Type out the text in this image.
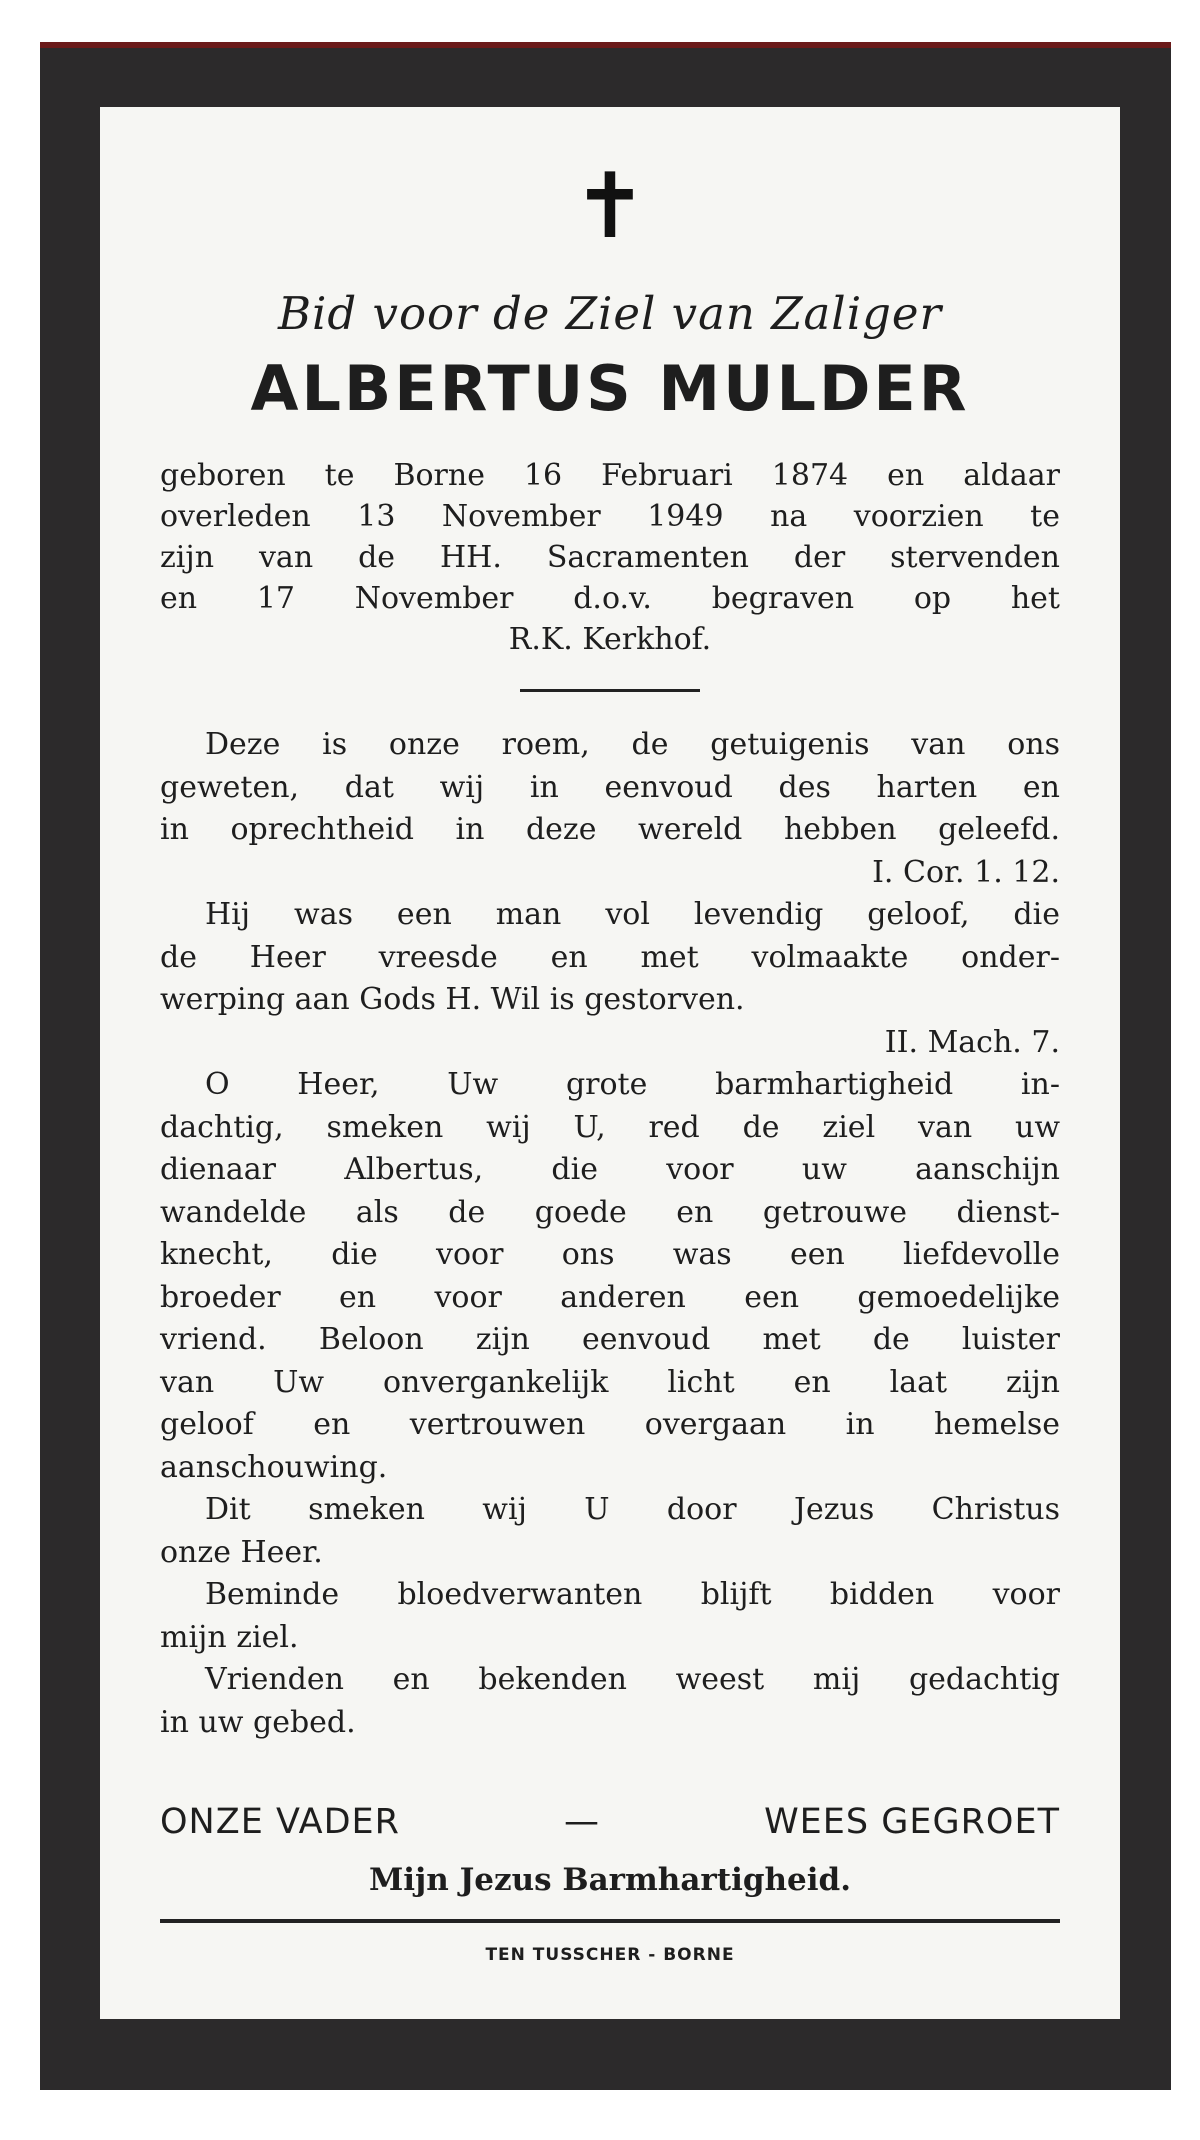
✝
Bid voor de Ziel van Zaliger
ALBERTUS MULDER
geboren te Borne 16 Februari 1874 en aldaar
overleden 13 November 1949 na voorzien te
zijn van de HH. Sacramenten der stervenden
en 17 November d.o.v. begraven op het
R.K. Kerkhof.
Deze is onze roem, de getuigenis van ons
geweten, dat wij in eenvoud des harten en
in oprechtheid in deze wereld hebben geleefd.
I. Cor. 1. 12.
Hij was een man vol levendig geloof, die
de Heer vreesde en met volmaakte onder-
werping aan Gods H. Wil is gestorven.
II. Mach. 7.
O Heer, Uw grote barmhartigheid in-
dachtig, smeken wij U, red de ziel van uw
dienaar Albertus, die voor uw aanschijn
wandelde als de goede en getrouwe dienst-
knecht, die voor ons was een liefdevolle
broeder en voor anderen een gemoedelijke
vriend. Beloon zijn eenvoud met de luister
van Uw onvergankelijk licht en laat zijn
geloof en vertrouwen overgaan in hemelse
aanschouwing.
Dit smeken wij U door Jezus Christus
onze Heer.
Beminde bloedverwanten blijft bidden voor
mijn ziel.
Vrienden en bekenden weest mij gedachtig
in uw gebed.
ONZE VADER	—	WEES GEGROET
Mijn Jezus Barmhartigheid.
TEN TUSSCHER - BORNE
